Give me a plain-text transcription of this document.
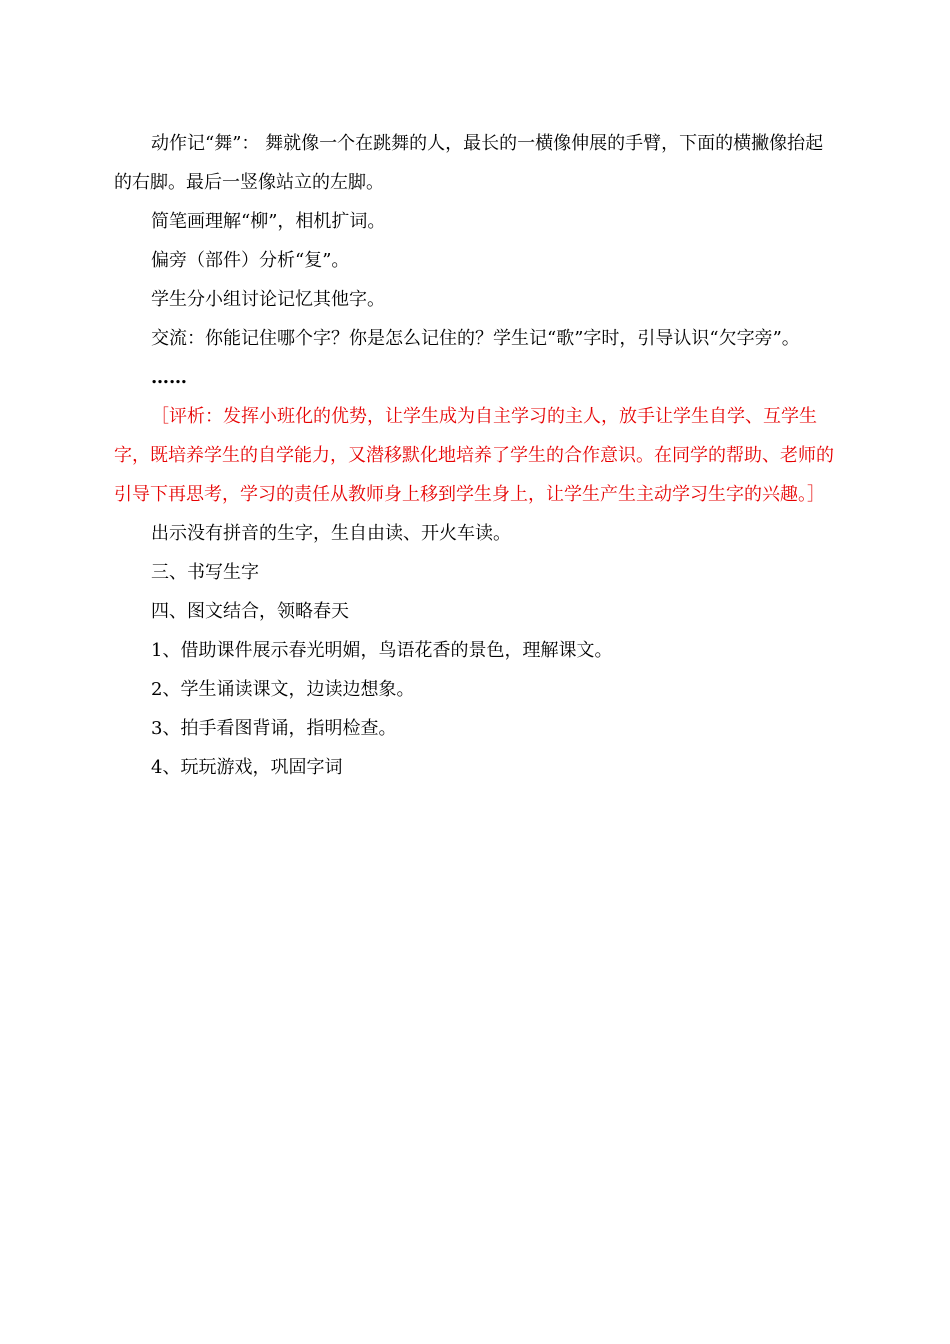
动作记“舞”： 舞就像一个在跳舞的人，最长的一横像伸展的手臂，下面的横撇像抬起的右脚。最后一竖像站立的左脚。

简笔画理解“柳”，相机扩词。

偏旁（部件）分析“复”。

学生分小组讨论记忆其他字。

交流：你能记住哪个字？你是怎么记住的？学生记“歌”字时，引导认识“欠字旁”。

……

［评析：发挥小班化的优势，让学生成为自主学习的主人，放手让学生自学、互学生字，既培养学生的自学能力，又潜移默化地培养了学生的合作意识。在同学的帮助、老师的引导下再思考，学习的责任从教师身上移到学生身上，让学生产生主动学习生字的兴趣。］

出示没有拼音的生字，生自由读、开火车读。

三、书写生字

四、图文结合，领略春天

1、借助课件展示春光明媚，鸟语花香的景色，理解课文。

2、学生诵读课文，边读边想象。

3、拍手看图背诵，指明检查。

4、玩玩游戏，巩固字词
